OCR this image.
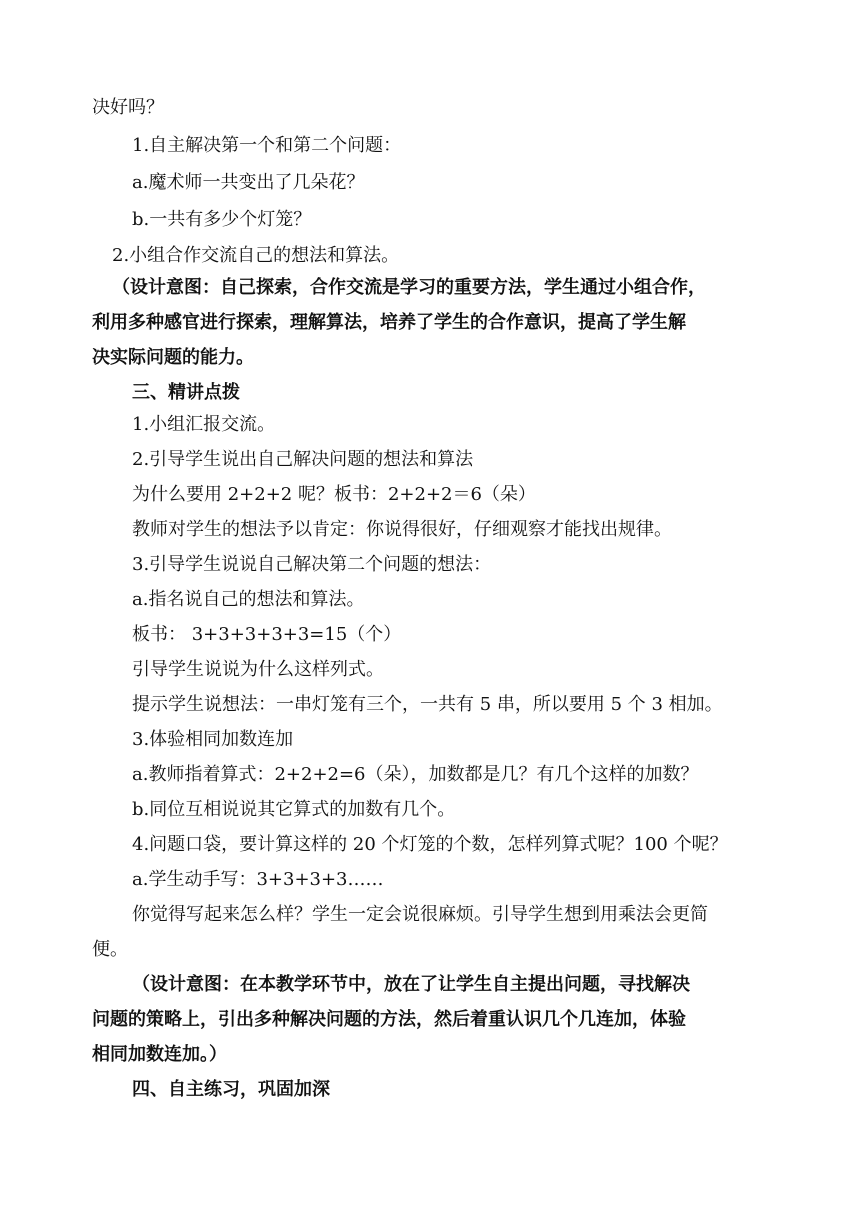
决好吗？
1.自主解决第一个和第二个问题：
a.魔术师一共变出了几朵花？
b.一共有多少个灯笼？
2.小组合作交流自己的想法和算法。
（设计意图：自己探索，合作交流是学习的重要方法，学生通过小组合作，
利用多种感官进行探索，理解算法，培养了学生的合作意识，提高了学生解
决实际问题的能力。
三、精讲点拨
1.小组汇报交流。
2.引导学生说出自己解决问题的想法和算法
为什么要用 2+2+2 呢？板书：2+2+2＝6（朵）
教师对学生的想法予以肯定：你说得很好，仔细观察才能找出规律。
3.引导学生说说自己解决第二个问题的想法：
a.指名说自己的想法和算法。
板书： 3+3+3+3+3=15（个）
引导学生说说为什么这样列式。
提示学生说想法：一串灯笼有三个，一共有 5 串，所以要用 5 个 3 相加。
3.体验相同加数连加
a.教师指着算式：2+2+2=6（朵），加数都是几？有几个这样的加数？
b.同位互相说说其它算式的加数有几个。
4.问题口袋，要计算这样的 20 个灯笼的个数，怎样列算式呢？100 个呢？
a.学生动手写：3+3+3+3……
你觉得写起来怎么样？学生一定会说很麻烦。引导学生想到用乘法会更简
便。
（设计意图：在本教学环节中，放在了让学生自主提出问题，寻找解决
问题的策略上，引出多种解决问题的方法，然后着重认识几个几连加，体验
相同加数连加。）
四、自主练习，巩固加深
